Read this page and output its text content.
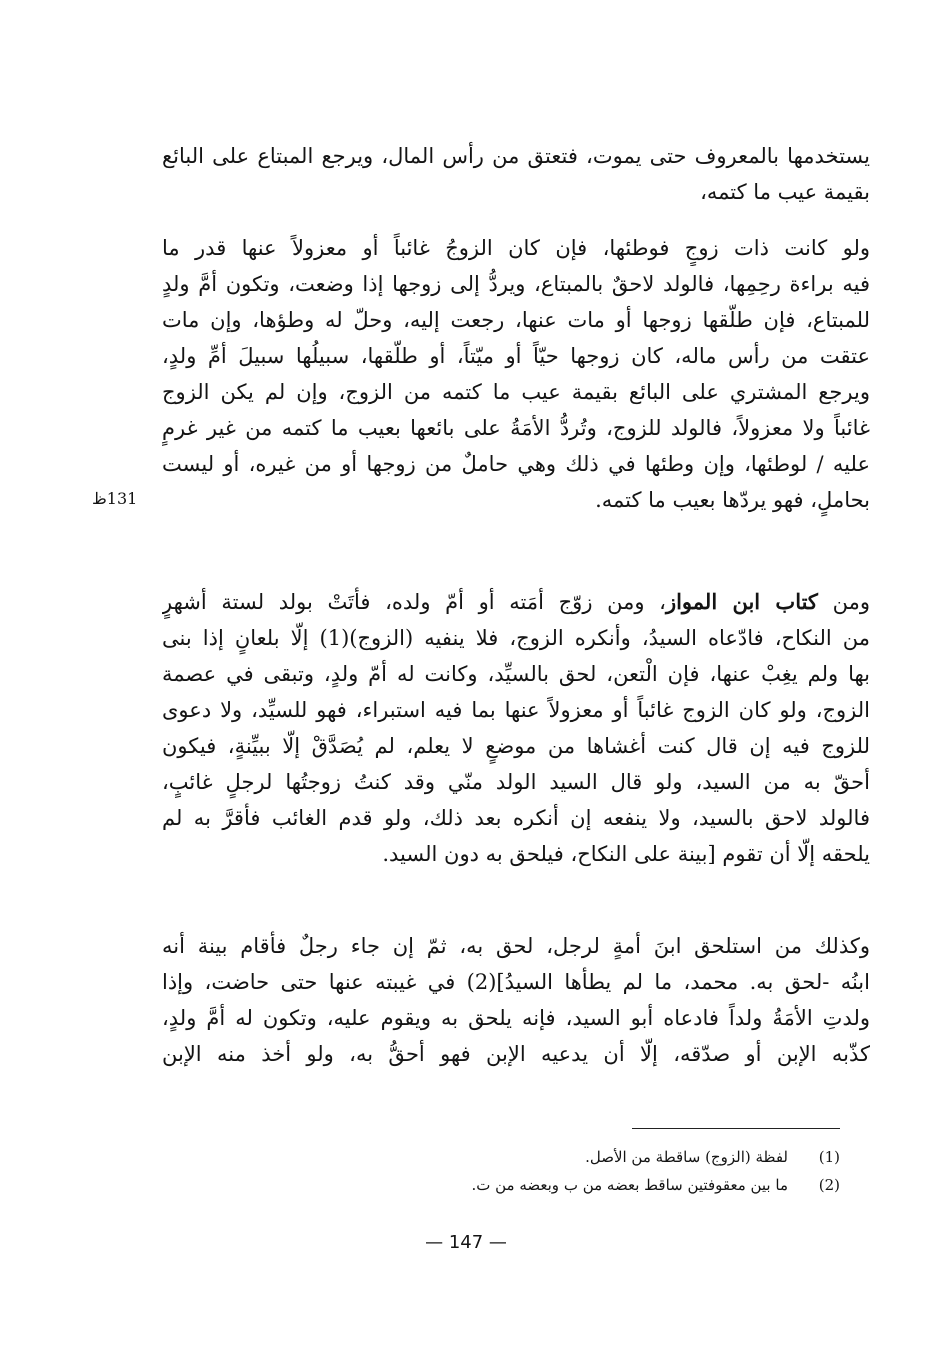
يستخدمها بالمعروف حتى يموت، فتعتق من رأس المال، ويرجع المبتاع على البائع
بقيمة عيب ما كتمه،
ولو كانت ذات زوجٍ فوطئها، فإن كان الزوجُ غائباً أو معزولاً عنها قدر ما
فيه براءة رحِمِها، فالولد لاحقٌ بالمبتاع، ويردُّ إلى زوجها إذا وضعت، وتكون أمَّ ولدٍ
للمبتاع، فإن طلّقها زوجها أو مات عنها، رجعت إليه، وحلّ له وطؤها، وإن مات
عتقت من رأس ماله، كان زوجها حيّاً أو ميّتاً، أو طلّقها، سبيلُها سبيلَ أمِّ ولدٍ،
ويرجع المشتري على البائع بقيمة عيب ما كتمه من الزوج، وإن لم يكن الزوج
غائباً ولا معزولاً، فالولد للزوج، وتُردُّ الأمَةُ على بائعها بعيب ما كتمه من غير غرمٍ
عليه / لوطئها، وإن وطئها في ذلك وهي حاملٌ من زوجها أو من غيره، أو ليست
بحاملٍ، فهو يردّها بعيب ما كتمه.
131ظ
ومن كتاب ابن المواز، ومن زوّج أمَته أو أمّ ولده، فأتَتْ بولد لستة أشهرٍ
من النكاح، فادّعاه السيدُ، وأنكره الزوج، فلا ينفيه (الزوج)(1) إلّا بلعانٍ إذا بنى
بها ولم يغِبْ عنها، فإن الْتعن، لحق بالسيِّد، وكانت له أمّ ولدٍ، وتبقى في عصمة
الزوج، ولو كان الزوج غائباً أو معزولاً عنها بما فيه استبراء، فهو للسيِّد، ولا دعوى
للزوج فيه إن قال كنت أغشاها من موضعٍ لا يعلم، لم يُصَدَّقْ إلّا ببيِّنةٍ، فيكون
أحقّ به من السيد، ولو قال السيد الولد منّي وقد كنتُ زوجتُها لرجلٍ غائبٍ،
فالولد لاحق بالسيد، ولا ينفعه إن أنكره بعد ذلك، ولو قدم الغائب فأقرَّ به لم
يلحقه إلّا أن تقوم [بينة على النكاح، فيلحق به دون السيد.
وكذلك من استلحق ابنَ أمةٍ لرجل، لحق به، ثمّ إن جاء رجلٌ فأقام بينة أنه
ابنُه -لحق به. محمد، ما لم يطأها السيدُ](2) في غيبته عنها حتى حاضت، وإذا
ولدتِ الأمَةُ ولداً فادعاه أبو السيد، فإنه يلحق به ويقوم عليه، وتكون له أمَّ ولدٍ،
كذّبه الإبن أو صدّقه، إلّا أن يدعيه الإبن فهو أحقُّ به، ولو أخذ منه الإبن
(1)لفظة (الزوج) ساقطة من الأصل.
(2)ما بين معقوفتين ساقط بعضه من ب وبعضه من ت.
— 147 —
